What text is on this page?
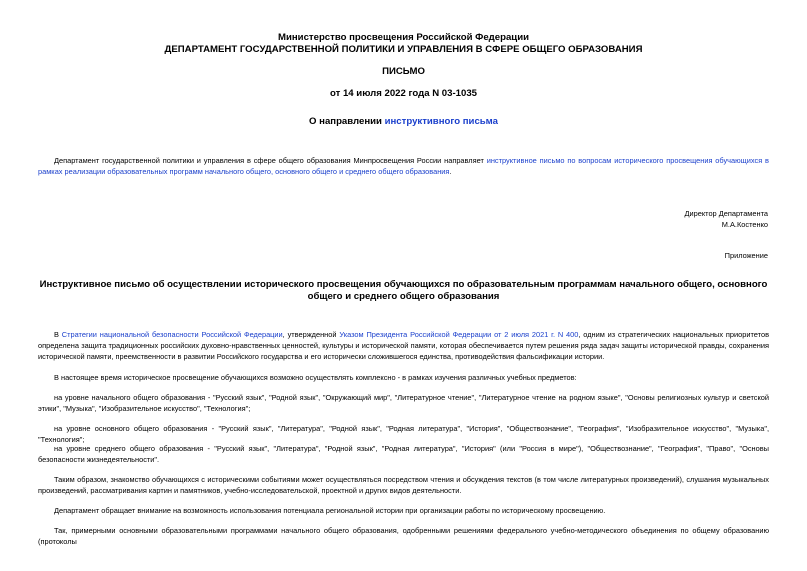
Министерство просвещения Российской Федерации
ДЕПАРТАМЕНТ ГОСУДАРСТВЕННОЙ ПОЛИТИКИ И УПРАВЛЕНИЯ В СФЕРЕ ОБЩЕГО ОБРАЗОВАНИЯ
ПИСЬМО
от 14 июля 2022 года N 03-1035
О направлении инструктивного письма
Департамент государственной политики и управления в сфере общего образования Минпросвещения России направляет инструктивное письмо по вопросам исторического просвещения обучающихся в рамках реализации образовательных программ начального общего, основного общего и среднего общего образования.
Директор Департамента
М.А.Костенко
Приложение
Инструктивное письмо об осуществлении исторического просвещения обучающихся по образовательным программам начального общего, основного общего и среднего общего образования
В Стратегии национальной безопасности Российской Федерации, утвержденной Указом Президента Российской Федерации от 2 июля 2021 г. N 400, одним из стратегических национальных приоритетов определена защита традиционных российских духовно-нравственных ценностей, культуры и исторической памяти, которая обеспечивается путем решения ряда задач защиты исторической правды, сохранения исторической памяти, преемственности в развитии Российского государства и его исторически сложившегося единства, противодействия фальсификации истории.
В настоящее время историческое просвещение обучающихся возможно осуществлять комплексно - в рамках изучения различных учебных предметов:
на уровне начального общего образования - "Русский язык", "Родной язык", "Окружающий мир", "Литературное чтение", "Литературное чтение на родном языке", "Основы религиозных культур и светской этики", "Музыка", "Изобразительное искусство", "Технология";
на уровне основного общего образования - "Русский язык", "Литература", "Родной язык", "Родная литература", "История", "Обществознание", "География", "Изобразительное искусство", "Музыка", "Технология";
на уровне среднего общего образования - "Русский язык", "Литература", "Родной язык", "Родная литература", "История" (или "Россия в мире"), "Обществознание", "География", "Право", "Основы безопасности жизнедеятельности".
Таким образом, знакомство обучающихся с историческими событиями может осуществляться посредством чтения и обсуждения текстов (в том числе литературных произведений), слушания музыкальных произведений, рассматривания картин и памятников, учебно-исследовательской, проектной и других видов деятельности.
Департамент обращает внимание на возможность использования потенциала региональной истории при организации работы по историческому просвещению.
Так, примерными основными образовательными программами начального общего образования, одобренными решениями федерального учебно-методического объединения по общему образованию (протоколы
